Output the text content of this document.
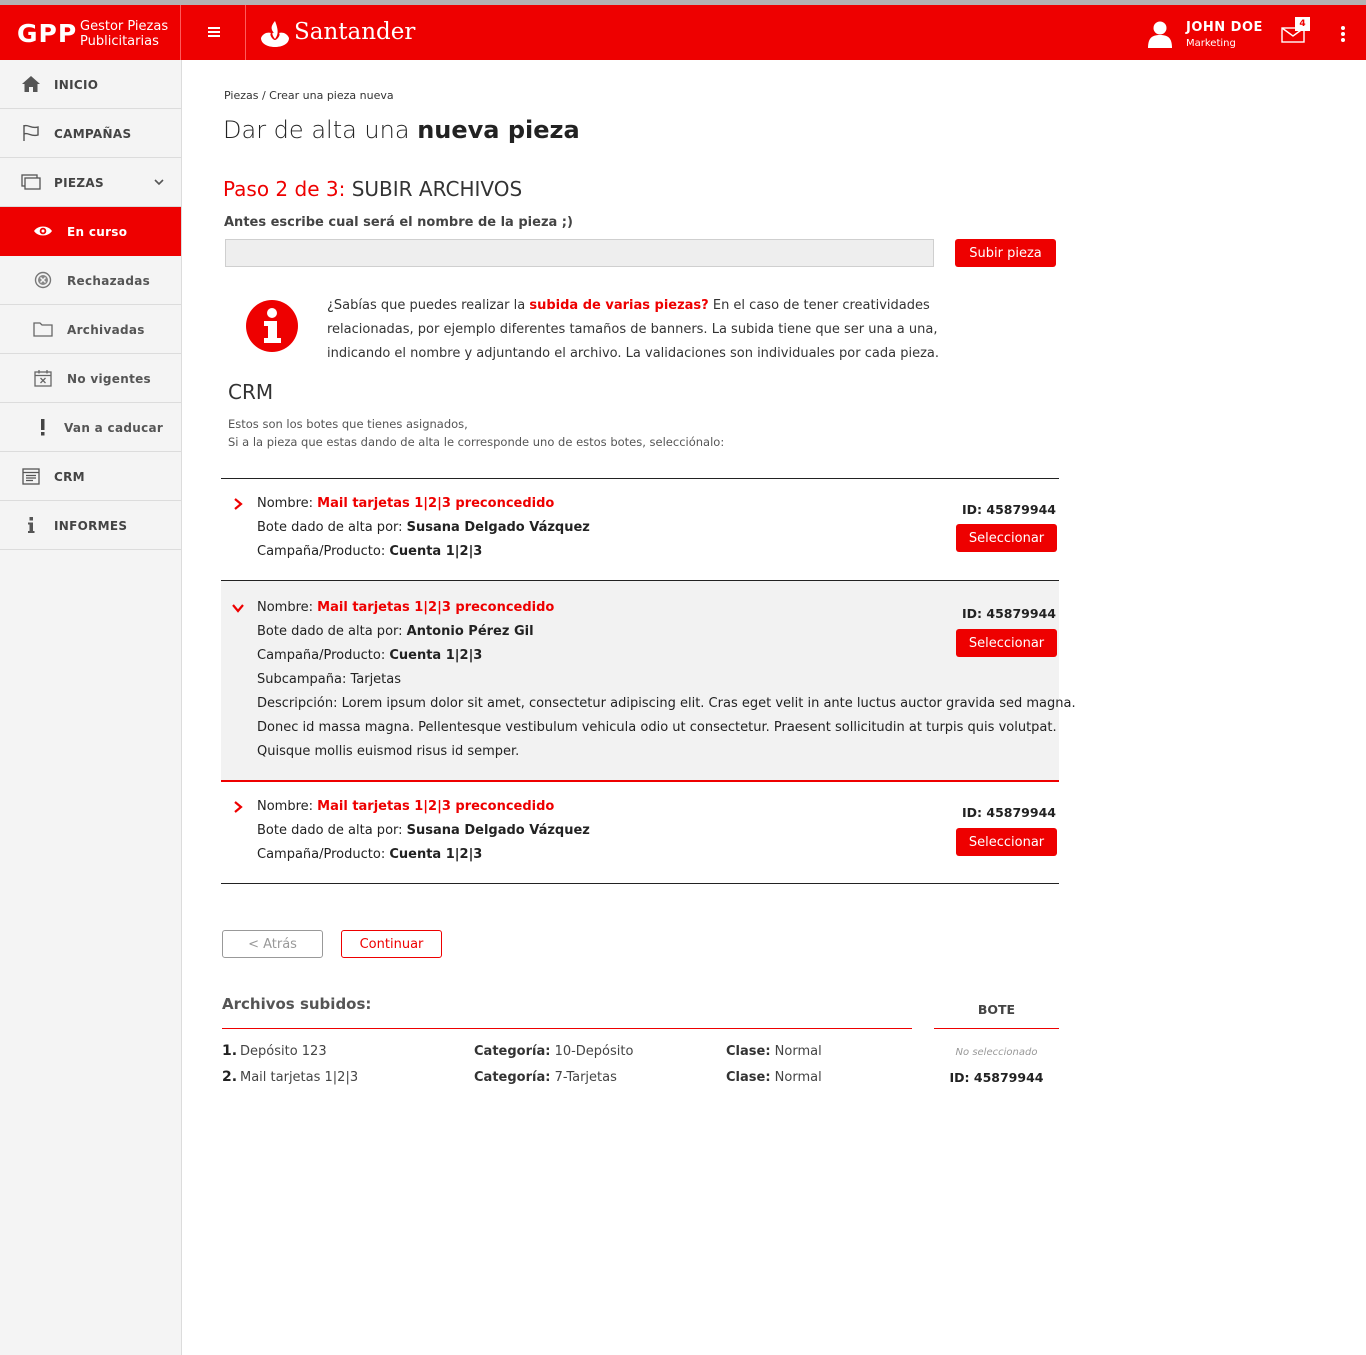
GPP Gestor Piezas
Publicitarias	Santander	JOHN DOE
Marketing
4
INICIO
CAMPAÑAS
PIEZAS
En curso
Rechazadas
Archivadas
No vigentes
Van a caducar
CRM
INFORMES
Piezas / Crear una pieza nueva
Dar de alta una nueva pieza
Paso 2 de 3: SUBIR ARCHIVOS
Antes escribe cual será el nombre de la pieza ;)
Subir pieza

¿Sabías que puedes realizar la subida de varias piezas? En el caso de tener creatividades relacionadas, por ejemplo diferentes tamaños de banners. La subida tiene que ser una a una, indicando el nombre y adjuntando el archivo. La validaciones son individuales por cada pieza.

CRM
Estos son los botes que tienes asignados,
Si a la pieza que estas dando de alta le corresponde uno de estos botes, selecciónalo:
Nombre: Mail tarjetas 1|2|3 preconcedido
Bote dado de alta por: Susana Delgado Vázquez
Campaña/Producto: Cuenta 1|2|3
ID: 45879944
Seleccionar
Nombre: Mail tarjetas 1|2|3 preconcedido
Bote dado de alta por: Antonio Pérez Gil
Campaña/Producto: Cuenta 1|2|3
Subcampaña: Tarjetas
Descripción: Lorem ipsum dolor sit amet, consectetur adipiscing elit. Cras eget velit in ante luctus auctor gravida sed magna.
Donec id massa magna. Pellentesque vestibulum vehicula odio ut consectetur. Praesent sollicitudin at turpis quis volutpat.
Quisque mollis euismod risus id semper.
ID: 45879944
Seleccionar
Nombre: Mail tarjetas 1|2|3 preconcedido
Bote dado de alta por: Susana Delgado Vázquez
Campaña/Producto: Cuenta 1|2|3
ID: 45879944
Seleccionar
< Atrás	Continuar
Archivos subidos:	BOTE
1. Depósito 123	Categoría: 10-Depósito	Clase: Normal	No seleccionado
2. Mail tarjetas 1|2|3	Categoría: 7-Tarjetas	Clase: Normal	ID: 45879944
